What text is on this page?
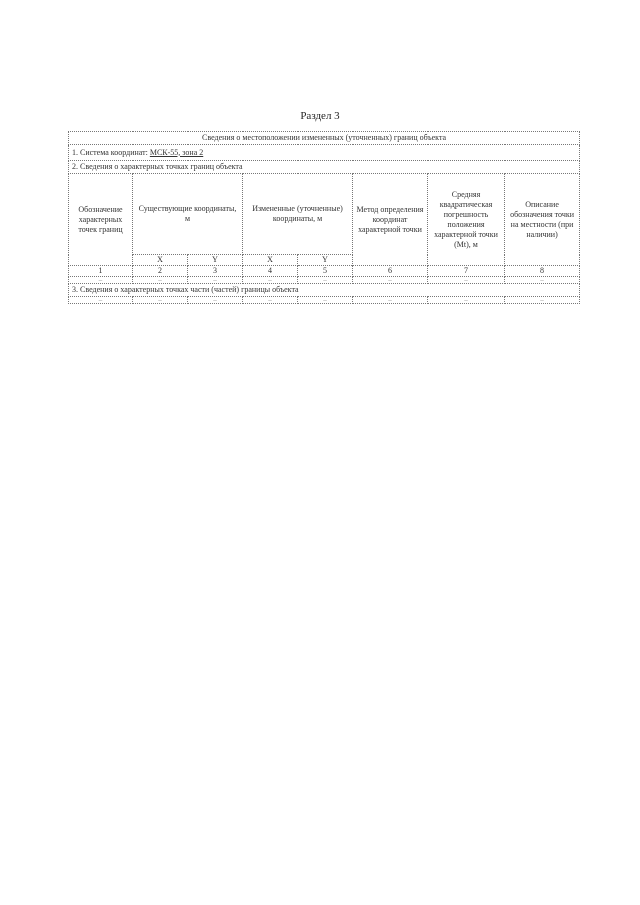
Раздел 3
Сведения о местоположении измененных (уточненных) границ объекта							
1. Система координат: МСК-55, зона 2							
2. Сведения о характерных точках границ объекта							
Обозначение характерных точек границ	Существующие координаты, м		Измененные (уточненные) координаты, м		Метод определения координат характерной точки	Средняя квадратическая погрешность положения характерной точки (Mt), м	Описание обозначения точки на местности (при наличии)
	X	Y	X	Y			
1	2	3	4	5	6	7	8
–	–	–	–	–	–	–	–
3. Сведения о характерных точках части (частей) границы объекта							
–	–	–	–	–	–	–	–
